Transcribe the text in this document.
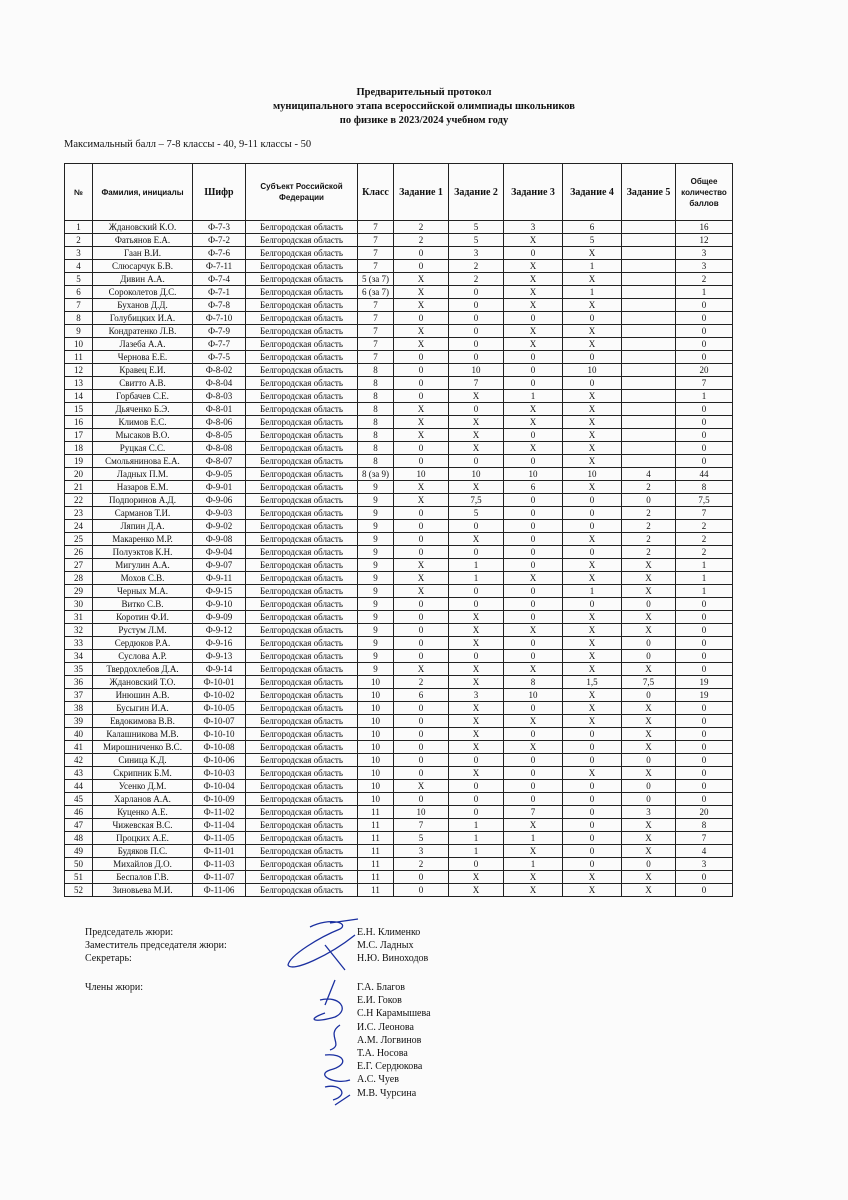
Предварительный протокол
муниципального этапа всероссийской олимпиады школьников
по физике в 2023/2024 учебном году
Максимальный балл – 7-8 классы - 40, 9-11 классы - 50
№	Фамилия, инициалы	Шифр	Субъект Российской Федерации	Класс	Задание 1	Задание 2	Задание 3	Задание 4	Задание 5	Общее количество баллов
1	Ждановский К.О.	Ф-7-3	Белгородская область	7	2	5	3	6		16
2	Фатьянов Е.А.	Ф-7-2	Белгородская область	7	2	5	X	5		12
3	Гаан В.И.	Ф-7-6	Белгородская область	7	0	3	0	X		3
4	Слюсарчук Б.В.	Ф-7-11	Белгородская область	7	0	2	X	1		3
5	Дивин А.А.	Ф-7-4	Белгородская область	5 (за 7)	X	2	X	X		2
6	Сороколетов Д.С.	Ф-7-1	Белгородская область	6 (за 7)	X	0	X	1		1
7	Буханов Д.Д.	Ф-7-8	Белгородская область	7	X	0	X	X		0
8	Голубицких И.А.	Ф-7-10	Белгородская область	7	0	0	0	0		0
9	Кондратенко Л.В.	Ф-7-9	Белгородская область	7	X	0	X	X		0
10	Лазеба А.А.	Ф-7-7	Белгородская область	7	X	0	X	X		0
11	Чернова Е.Е.	Ф-7-5	Белгородская область	7	0	0	0	0		0
12	Кравец Е.И.	Ф-8-02	Белгородская область	8	0	10	0	10		20
13	Свитто А.В.	Ф-8-04	Белгородская область	8	0	7	0	0		7
14	Горбачев С.Е.	Ф-8-03	Белгородская область	8	0	X	1	X		1
15	Дьяченко Б.Э.	Ф-8-01	Белгородская область	8	X	0	X	X		0
16	Климов Е.С.	Ф-8-06	Белгородская область	8	X	X	X	X		0
17	Мысаков В.О.	Ф-8-05	Белгородская область	8	X	X	0	X		0
18	Руцкая С.С.	Ф-8-08	Белгородская область	8	0	X	X	X		0
19	Смольянинова Е.А.	Ф-8-07	Белгородская область	8	0	0	0	X		0
20	Ладных П.М.	Ф-9-05	Белгородская область	8 (за 9)	10	10	10	10	4	44
21	Назаров Е.М.	Ф-9-01	Белгородская область	9	X	X	6	X	2	8
22	Подпоринов А.Д.	Ф-9-06	Белгородская область	9	X	7,5	0	0	0	7,5
23	Сарманов Т.И.	Ф-9-03	Белгородская область	9	0	5	0	0	2	7
24	Ляпин Д.А.	Ф-9-02	Белгородская область	9	0	0	0	0	2	2
25	Макаренко М.Р.	Ф-9-08	Белгородская область	9	0	X	0	X	2	2
26	Полуэктов К.Н.	Ф-9-04	Белгородская область	9	0	0	0	0	2	2
27	Мигулин А.А.	Ф-9-07	Белгородская область	9	X	1	0	X	X	1
28	Мохов С.В.	Ф-9-11	Белгородская область	9	X	1	X	X	X	1
29	Черных М.А.	Ф-9-15	Белгородская область	9	X	0	0	1	X	1
30	Витко С.В.	Ф-9-10	Белгородская область	9	0	0	0	0	0	0
31	Коротин Ф.И.	Ф-9-09	Белгородская область	9	0	X	0	X	X	0
32	Рустум Л.М.	Ф-9-12	Белгородская область	9	0	X	X	X	X	0
33	Сердюков Р.А.	Ф-9-16	Белгородская область	9	0	X	0	X	0	0
34	Суслова А.Р.	Ф-9-13	Белгородская область	9	0	0	0	X	0	0
35	Твердохлебов Д.А.	Ф-9-14	Белгородская область	9	X	X	X	X	X	0
36	Ждановский Т.О.	Ф-10-01	Белгородская область	10	2	X	8	1,5	7,5	19
37	Инюшин А.В.	Ф-10-02	Белгородская область	10	6	3	10	X	0	19
38	Бусыгин И.А.	Ф-10-05	Белгородская область	10	0	X	0	X	X	0
39	Евдокимова В.В.	Ф-10-07	Белгородская область	10	0	X	X	X	X	0
40	Калашникова М.В.	Ф-10-10	Белгородская область	10	0	X	0	0	X	0
41	Мирошниченко В.С.	Ф-10-08	Белгородская область	10	0	X	X	0	X	0
42	Синица К.Д.	Ф-10-06	Белгородская область	10	0	0	0	0	0	0
43	Скрипник Б.М.	Ф-10-03	Белгородская область	10	0	X	0	X	X	0
44	Усенко Д.М.	Ф-10-04	Белгородская область	10	X	0	0	0	0	0
45	Харланов А.А.	Ф-10-09	Белгородская область	10	0	0	0	0	0	0
46	Куценко А.Е.	Ф-11-02	Белгородская область	11	10	0	7	0	3	20
47	Чижевская В.С.	Ф-11-04	Белгородская область	11	7	1	X	0	X	8
48	Процких А.Е.	Ф-11-05	Белгородская область	11	5	1	1	0	X	7
49	Будяков П.С.	Ф-11-01	Белгородская область	11	3	1	X	0	X	4
50	Михайлов Д.О.	Ф-11-03	Белгородская область	11	2	0	1	0	0	3
51	Беспалов Г.В.	Ф-11-07	Белгородская область	11	0	X	X	X	X	0
52	Зиновьева М.И.	Ф-11-06	Белгородская область	11	0	X	X	X	X	0
Председатель жюри:
Заместитель председателя жюри:
Секретарь:
Е.Н. Клименко
М.С. Ладных
Н.Ю. Виноходов
Члены жюри:	Г.А. Благов
Е.И. Гоков
С.Н Карамышева
И.С. Леонова
А.М. Логвинов
Т.А. Носова
Е.Г. Сердюкова
А.С. Чуев
М.В. Чурсина
